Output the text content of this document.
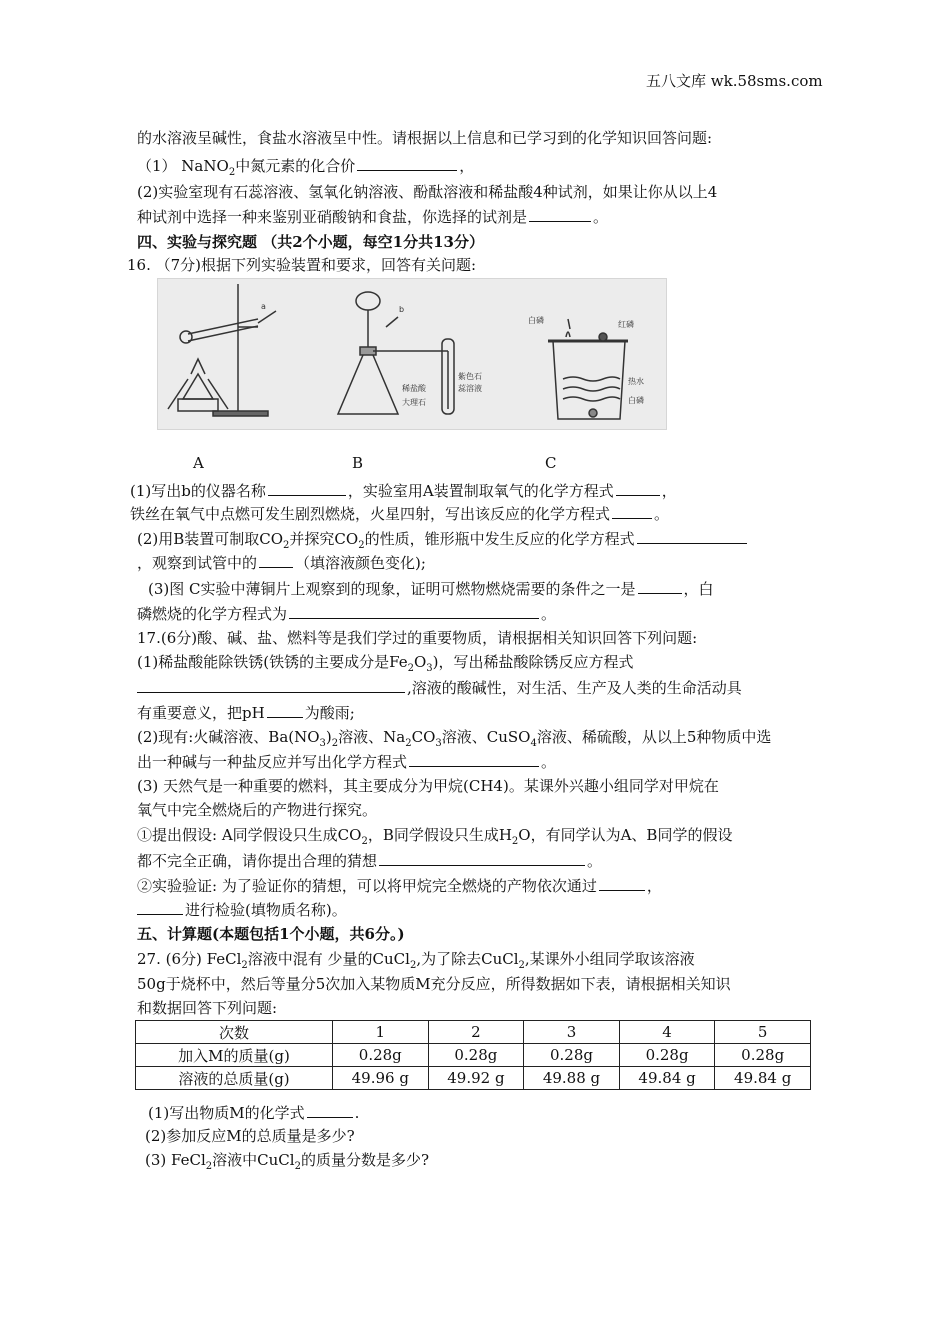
五八文库 wk.58sms.com
的水溶液呈碱性，食盐水溶液呈中性。请根据以上信息和已学习到的化学知识回答问题:
（1） NaNO$_2$中氮元素的化合价	，
(2)实验室现有石蕊溶液、氢氧化钠溶液、酚酞溶液和稀盐酸4种试剂，如果让你从以上4
种试剂中选择一种来鉴别亚硝酸钠和食盐，你选择的试剂是	。
四、实验与探究题 （共2个小题，每空1分共13分）
16. （7分)根据下列实验装置和要求，回答有关问题:
a	b
稀盐酸
大理石
紫色石
蕊溶液
白磷	红磷
热水
白磷
A	B	C
(1)写出b的仪器名称	，实验室用A装置制取氧气的化学方程式	，
铁丝在氧气中点燃可发生剧烈燃烧，火星四射，写出该反应的化学方程式	。
(2)用B装置可制取$CO_2$并探究$CO_2$的性质，锥形瓶中发生反应的化学方程式
，观察到试管中的	（填溶液颜色变化);
(3)图 C实验中薄铜片上观察到的现象，证明可燃物燃烧需要的条件之一是	，白
磷燃烧的化学方程式为	。
17.(6分)酸、碱、盐、燃料等是我们学过的重要物质，请根据相关知识回答下列问题:
(1)稀盐酸能除铁锈(铁锈的主要成分是$Fe_2O_3$)，写出稀盐酸除锈反应方程式
,溶液的酸碱性，对生活、生产及人类的生命活动具
有重要意义，把pH	为酸雨;
(2)现有:火碱溶液、$Ba(NO_3)_2$溶液、$Na_2CO_3$溶液、CuSO$_4$溶液、稀硫酸，从以上5种物质中选
出一种碱与一种盐反应并写出化学方程式	。
(3) 天然气是一种重要的燃料，其主要成分为甲烷(CH4)。某课外兴趣小组同学对甲烷在
氧气中完全燃烧后的产物进行探究。
①提出假设: A同学假设只生成$CO_2$，B同学假设只生成$H_2O$，有同学认为A、B同学的假设
都不完全正确，请你提出合理的猜想	。
②实验验证: 为了验证你的猜想，可以将甲烷完全燃烧的产物依次通过	，
进行检验(填物质名称)。
五、计算题(本题包括1个小题，共6分。)
27. (6分) FeCl$_2$溶液中混有 少量的CuCl$_2$,为了除去CuCl$_2$,某课外小组同学取该溶液
50g于烧杯中，然后等量分5次加入某物质M充分反应，所得数据如下表，请根据相关知识
和数据回答下列问题:
次数	1	2	3	4	5
加入M的质量(g)	0.28g	0.28g	0.28g	0.28g	0.28g
溶液的总质量(g)	49.96 g	49.92 g	49.88 g	49.84 g	49.84 g
(1)写出物质M的化学式	.
(2)参加反应M的总质量是多少?
(3) FeCl$_2$溶液中CuCl$_2$的质量分数是多少?
